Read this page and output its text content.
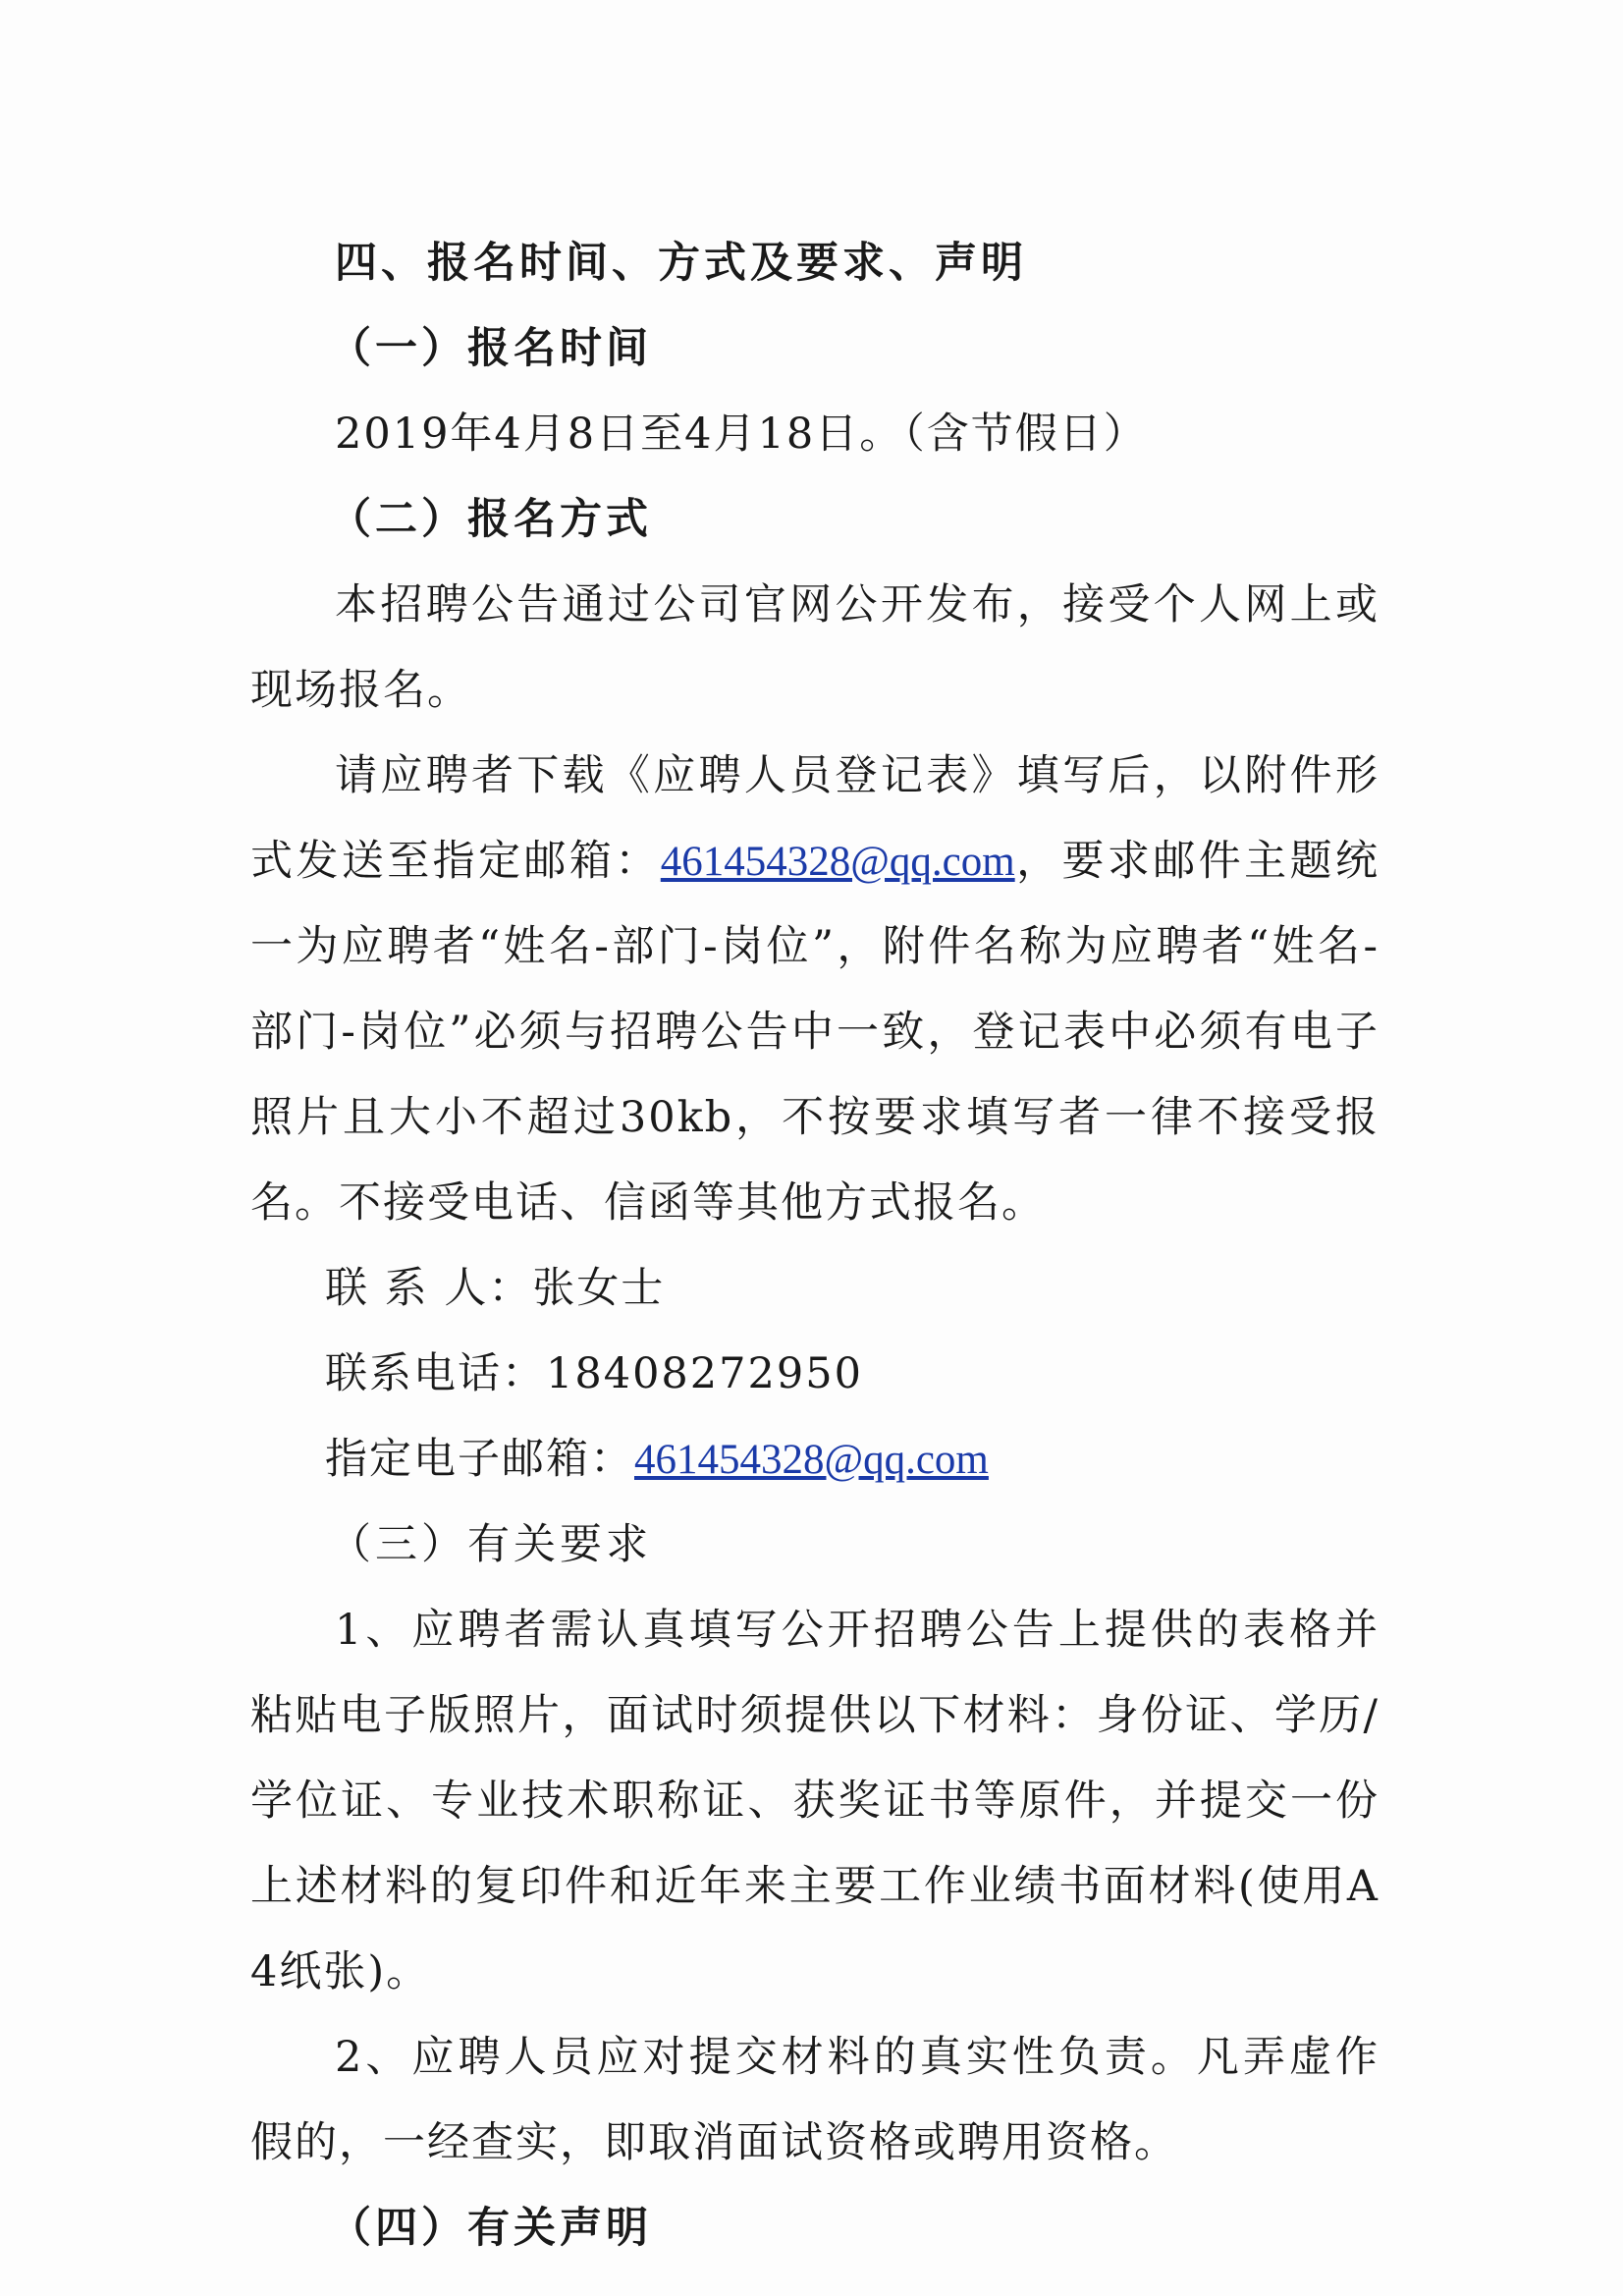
四、报名时间、方式及要求、声明

（一）报名时间

2019年4月8日至4月18日。（含节假日）

（二）报名方式

本招聘公告通过公司官网公开发布，接受个人网上或现场报名。

请应聘者下载《应聘人员登记表》填写后，以附件形式发送至指定邮箱：461454328@qq.com，要求邮件主题统一为应聘者“姓名-部门-岗位”，附件名称为应聘者“姓名-部门-岗位”必须与招聘公告中一致，登记表中必须有电子照片且大小不超过30kb，不按要求填写者一律不接受报名。不接受电话、信函等其他方式报名。

联 系 人：张女士

联系电话：18408272950

指定电子邮箱：461454328@qq.com

（三）有关要求

1、应聘者需认真填写公开招聘公告上提供的表格并粘贴电子版照片，面试时须提供以下材料：身份证、学历/学位证、专业技术职称证、获奖证书等原件，并提交一份上述材料的复印件和近年来主要工作业绩书面材料(使用A4纸张)。

2、应聘人员应对提交材料的真实性负责。凡弄虚作假的，一经查实，即取消面试资格或聘用资格。

（四）有关声明
